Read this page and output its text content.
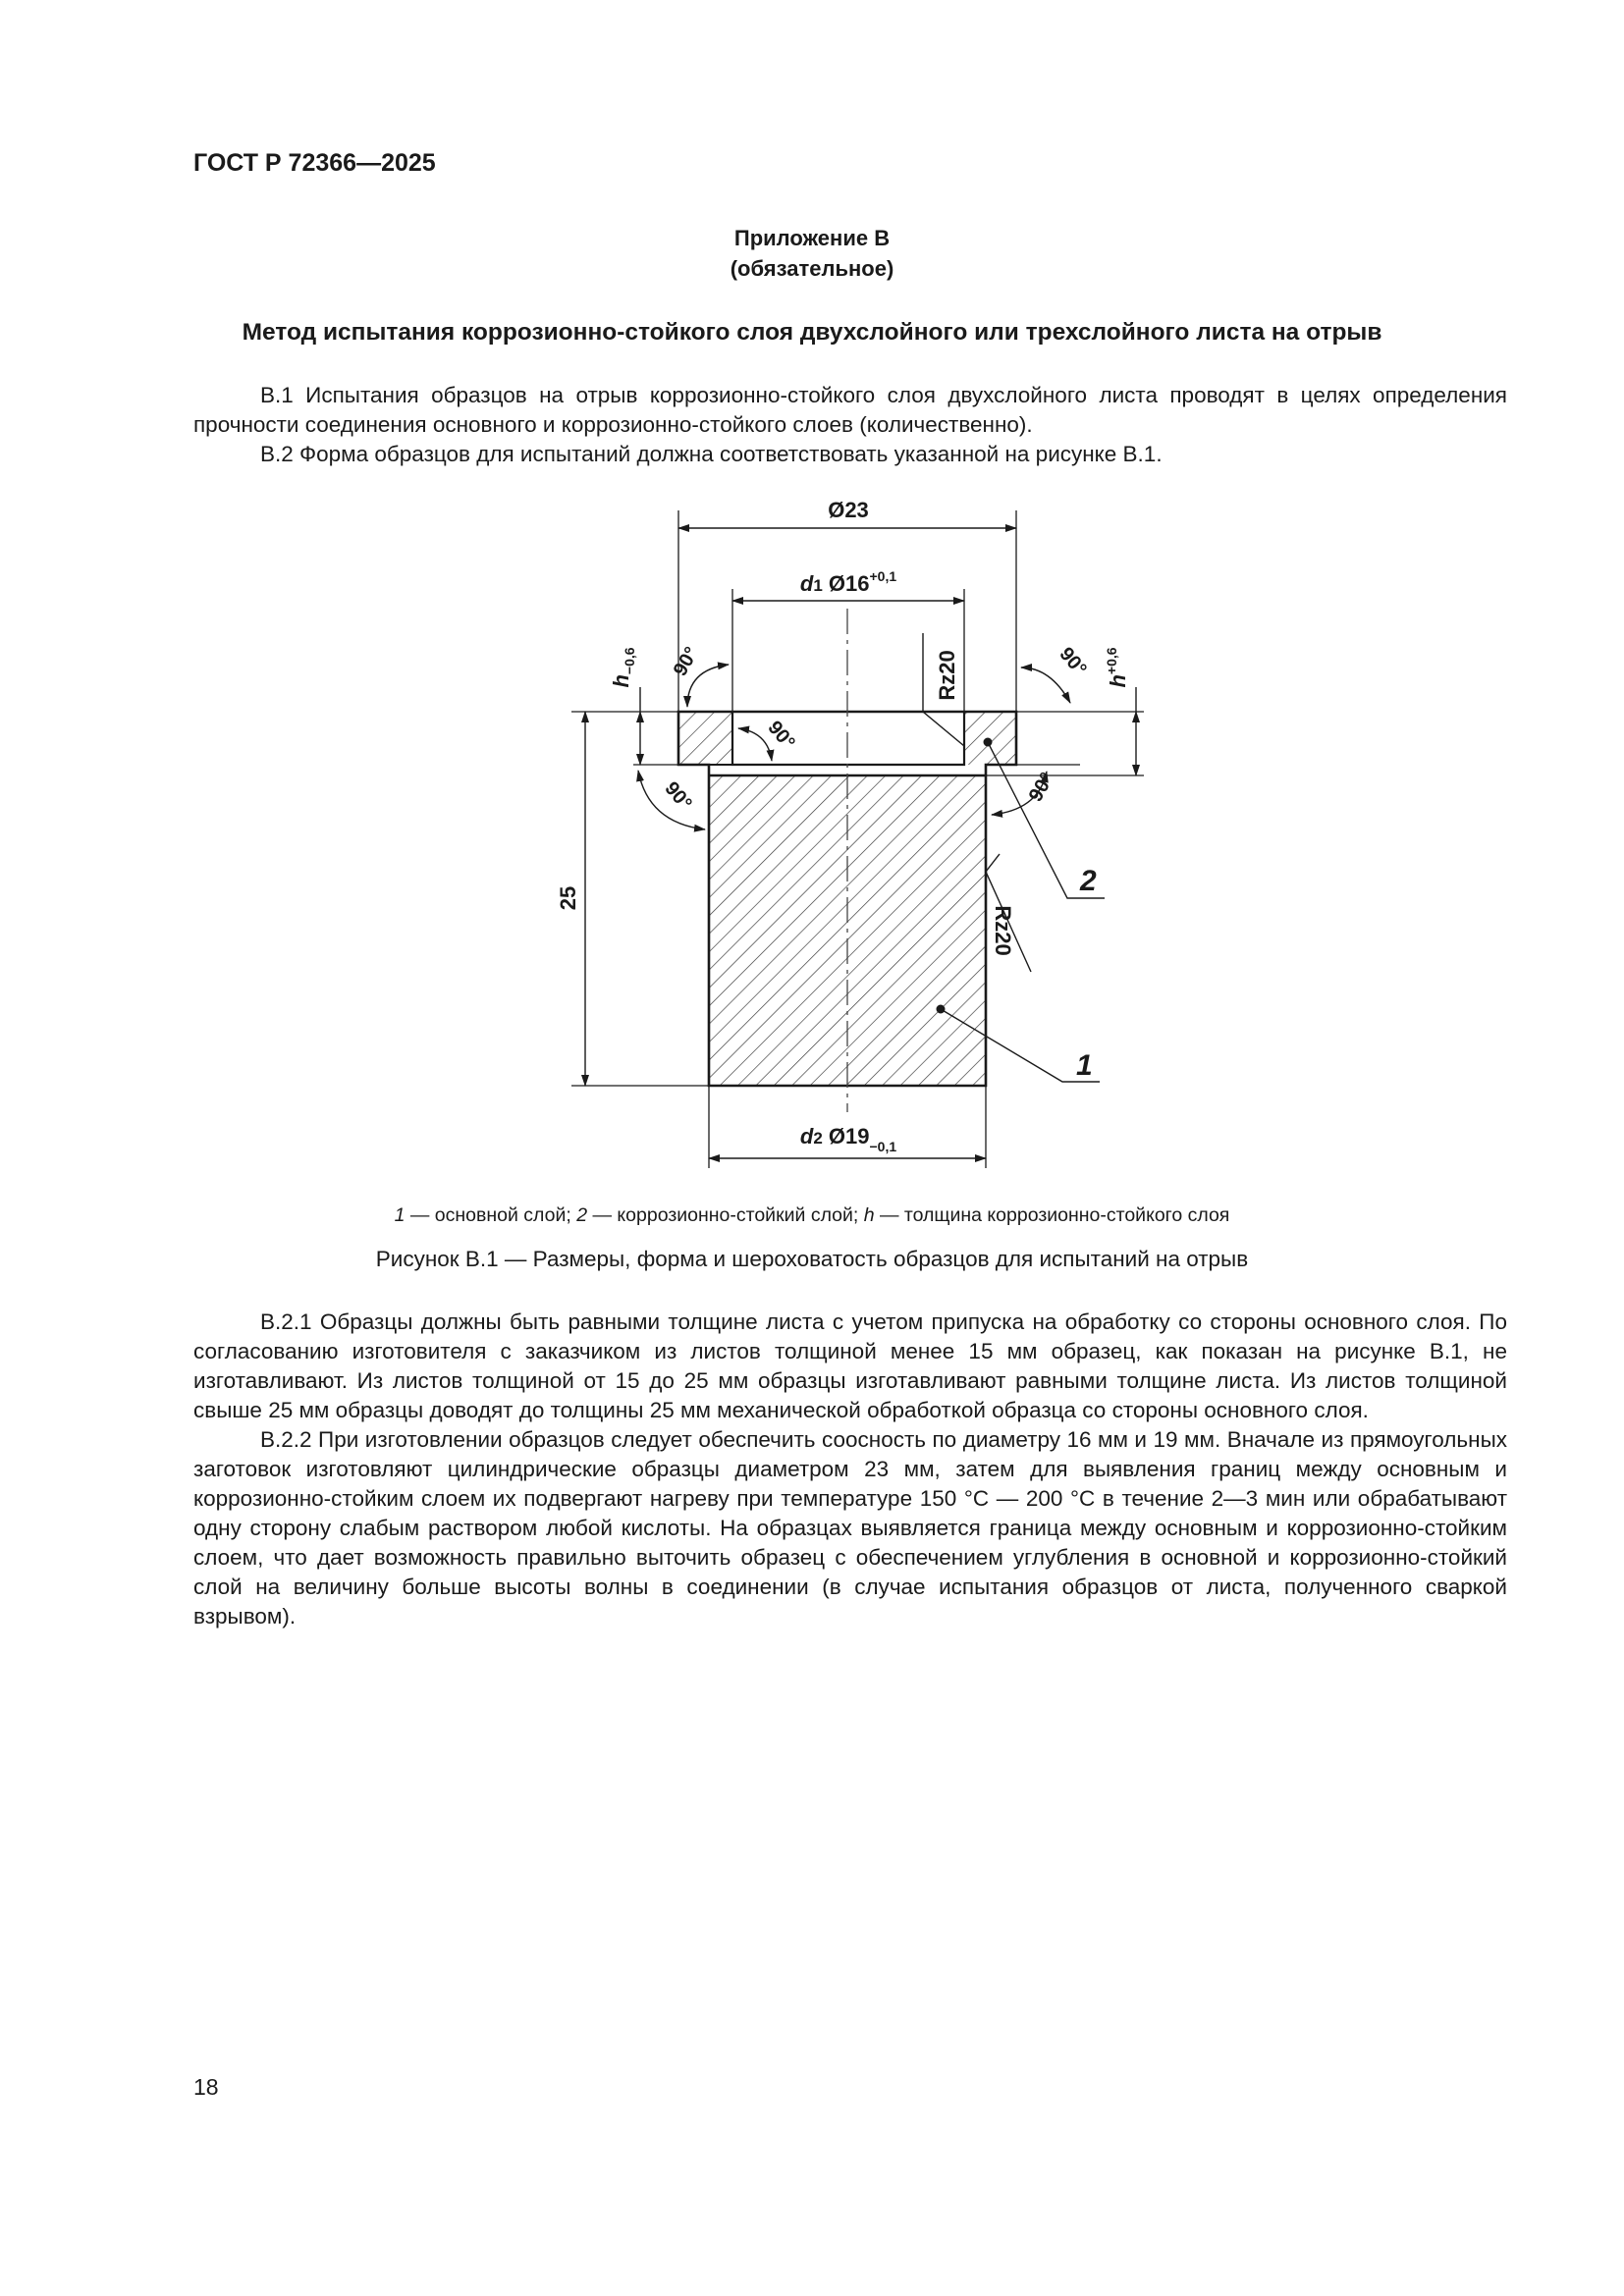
ГОСТ Р 72366—2025
Приложение В
(обязательное)
Метод испытания коррозионно-стойкого слоя двухслойного или трехслойного листа на отрыв

В.1 Испытания образцов на отрыв коррозионно-стойкого слоя двухслойного листа проводят в целях определения прочности соединения основного и коррозионно-стойкого слоев (количественно).

В.2 Форма образцов для испытаний должна соответствовать указанной на рисунке В.1.

Ø23
d1 $Ø16^{+0,1}$
d2 $Ø19_{-0,1}$
25
$h_{-0,6}$
$h^{+0,6}$
90°
90°
90°
90°
90°
Rz20
Rz20
2
1
1 — основной слой; 2 — коррозионно-стойкий слой; h — толщина коррозионно-стойкого слоя
Рисунок В.1 — Размеры, форма и шероховатость образцов для испытаний на отрыв

В.2.1 Образцы должны быть равными толщине листа с учетом припуска на обработку со стороны основного слоя. По согласованию изготовителя с заказчиком из листов толщиной менее 15 мм образец, как показан на рисунке В.1, не изготавливают. Из листов толщиной от 15 до 25 мм образцы изготавливают равными толщине листа. Из листов толщиной свыше 25 мм образцы доводят до толщины 25 мм механической обработкой образца со стороны основного слоя.

В.2.2 При изготовлении образцов следует обеспечить соосность по диаметру 16 мм и 19 мм. Вначале из прямоугольных заготовок изготовляют цилиндрические образцы диаметром 23 мм, затем для выявления границ между основным и коррозионно-стойким слоем их подвергают нагреву при температуре 150 °С — 200 °С в течение 2—3 мин или обрабатывают одну сторону слабым раствором любой кислоты. На образцах выявляется граница между основным и коррозионно-стойким слоем, что дает возможность правильно выточить образец с обеспечением углубления в основной и коррозионно-стойкий слой на величину больше высоты волны в соединении (в случае испытания образцов от листа, полученного сваркой взрывом).

18
